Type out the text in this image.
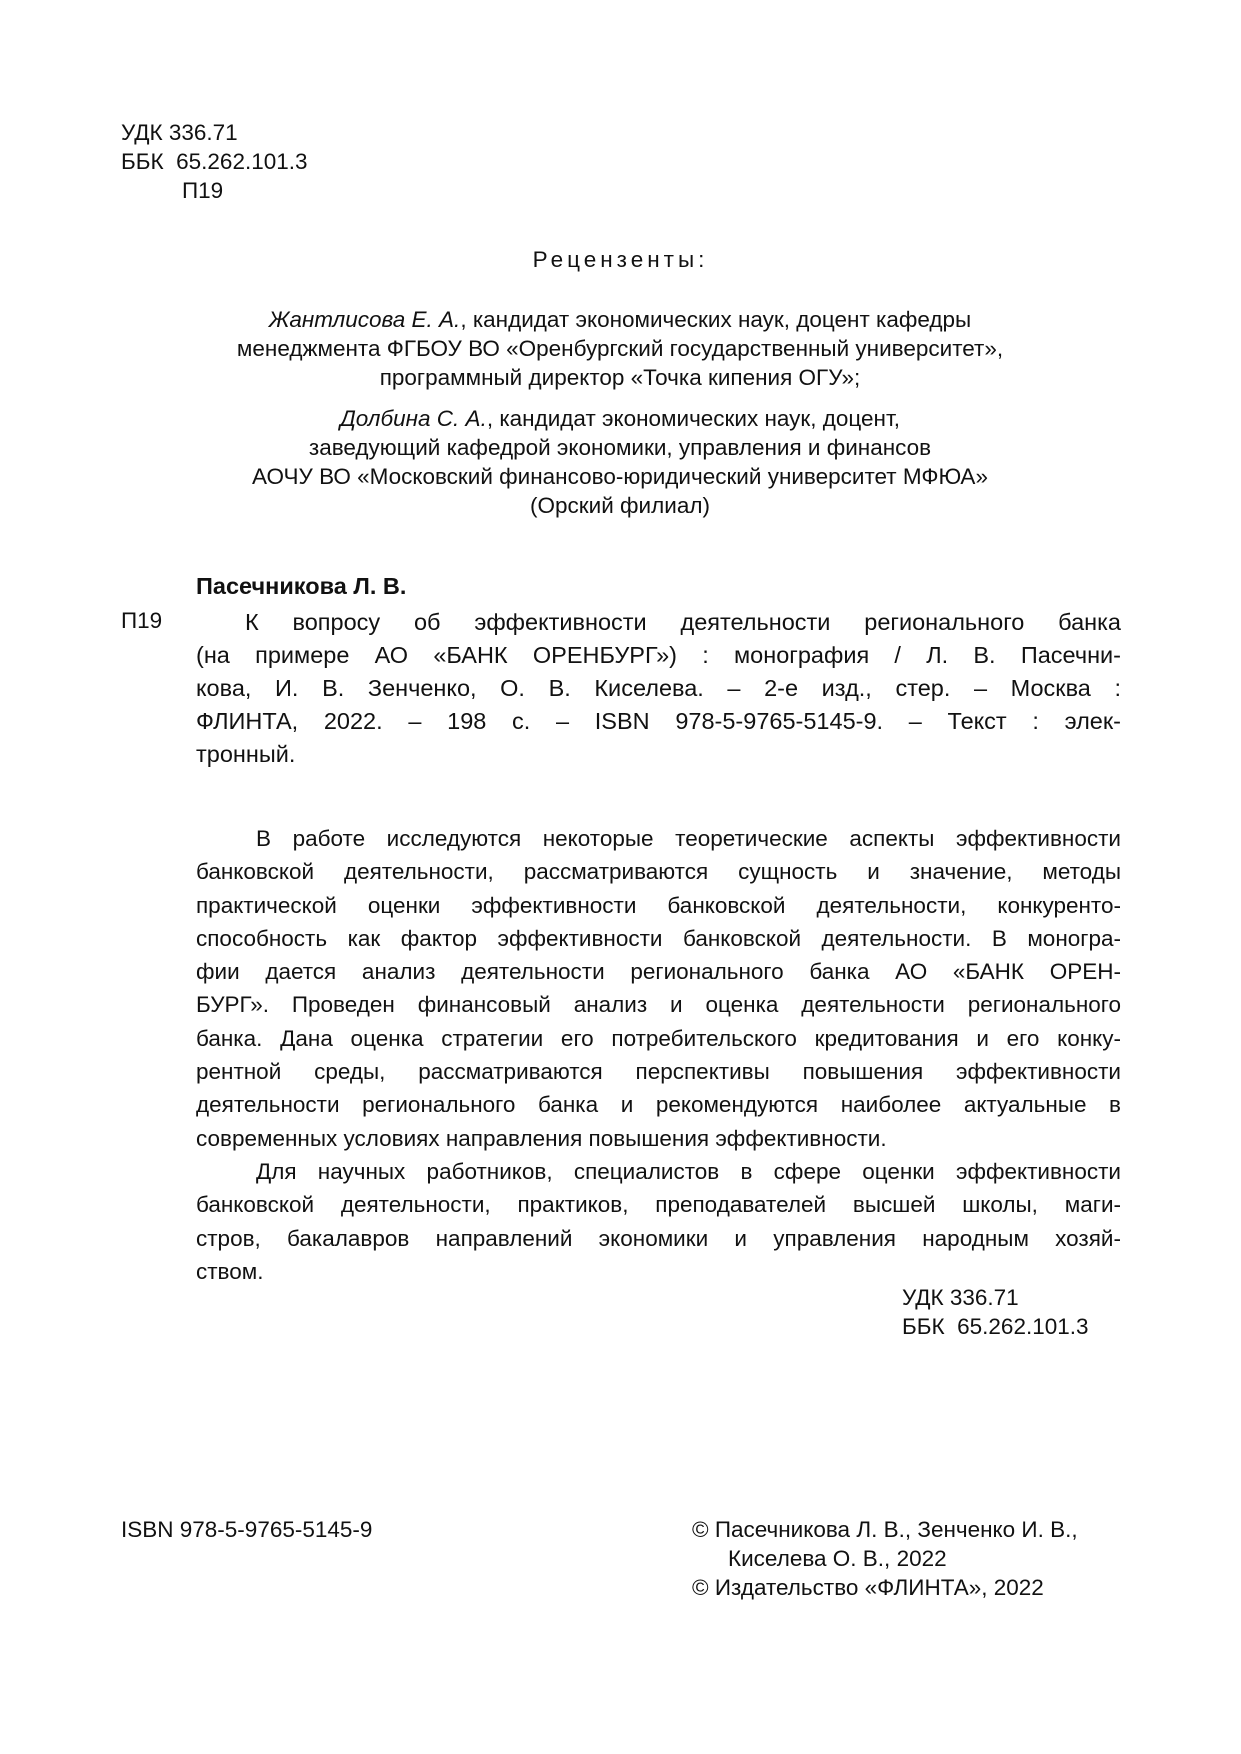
УДК 336.71
ББК  65.262.101.3
П19
Рецензенты:
Жантлисова Е. А., кандидат экономических наук, доцент кафедры
менеджмента ФГБОУ ВО «Оренбургский государственный университет»,
программный директор «Точка кипения ОГУ»;
Долбина С. А., кандидат экономических наук, доцент,
заведующий кафедрой экономики, управления и финансов
АОЧУ ВО «Московский финансово-юридический университет МФЮА»
(Орский филиал)
Пасечникова Л. В.
П19	К вопросу об эффективности деятельности регионального банка
(на примере АО «БАНК ОРЕНБУРГ») : монография / Л. В. Пасечни-
кова, И. В. Зенченко, О. В. Киселева. – 2-е изд., стер. – Москва :
ФЛИНТА, 2022. – 198 с. – ISBN 978-5-9765-5145-9. – Текст : элек-
тронный.
В работе исследуются некоторые теоретические аспекты эффективности
банковской деятельности, рассматриваются сущность и значение, методы
практической оценки эффективности банковской деятельности, конкуренто-
способность как фактор эффективности банковской деятельности. В моногра-
фии дается анализ деятельности регионального банка АО «БАНК ОРЕН-
БУРГ». Проведен финансовый анализ и оценка деятельности регионального
банка. Дана оценка стратегии его потребительского кредитования и его конку-
рентной среды, рассматриваются перспективы повышения эффективности
деятельности регионального банка и рекомендуются наиболее актуальные в
современных условиях направления повышения эффективности.
Для научных работников, специалистов в сфере оценки эффективности
банковской деятельности, практиков, преподавателей высшей школы, маги-
стров, бакалавров направлений экономики и управления народным хозяй-
ством.
УДК 336.71
ББК  65.262.101.3
ISBN 978-5-9765-5145-9	© Пасечникова Л. В., Зенченко И. В.,
Киселева О. В., 2022
© Издательство «ФЛИНТА», 2022
